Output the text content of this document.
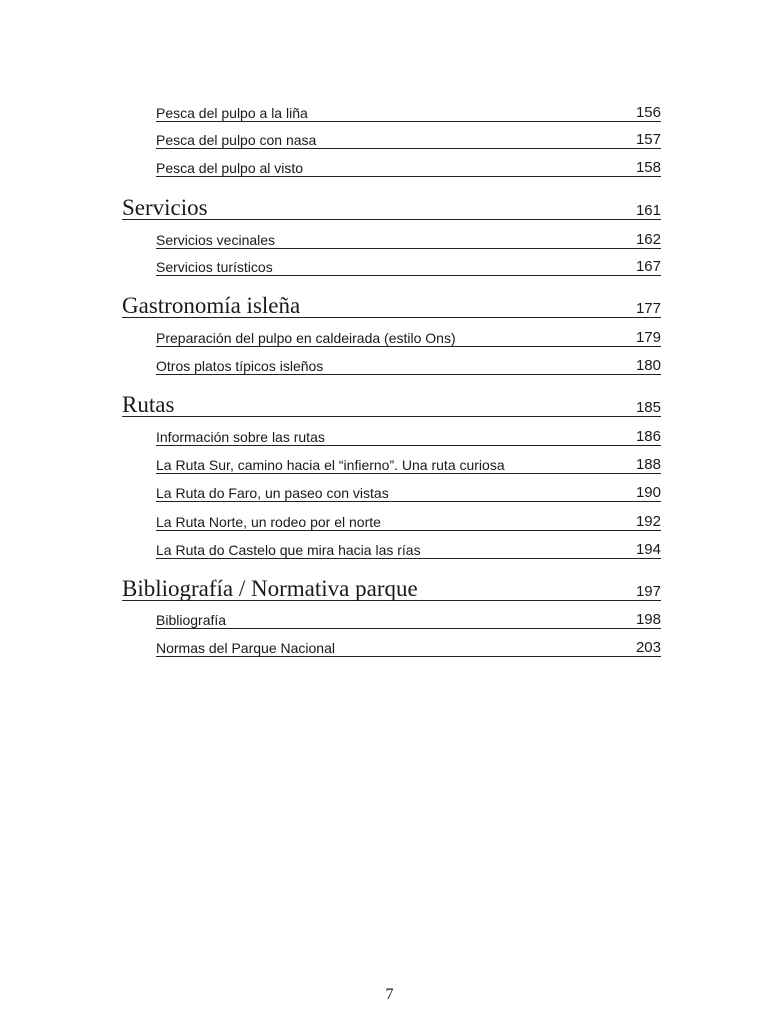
Pesca del pulpo a la liña	156
Pesca del pulpo con nasa	157
Pesca del pulpo al visto	158
Servicios	161
Servicios vecinales	162
Servicios turísticos	167
Gastronomía isleña	177
Preparación del pulpo en caldeirada (estilo Ons)	179
Otros platos típicos isleños	180
Rutas	185
Información sobre las rutas	186
La Ruta Sur, camino hacia el “infierno”. Una ruta curiosa	188
La Ruta do Faro, un paseo con vistas	190
La Ruta Norte, un rodeo por el norte	192
La Ruta do Castelo que mira hacia las rías	194
Bibliografía / Normativa parque	197
Bibliografía	198
Normas del Parque Nacional	203
7
